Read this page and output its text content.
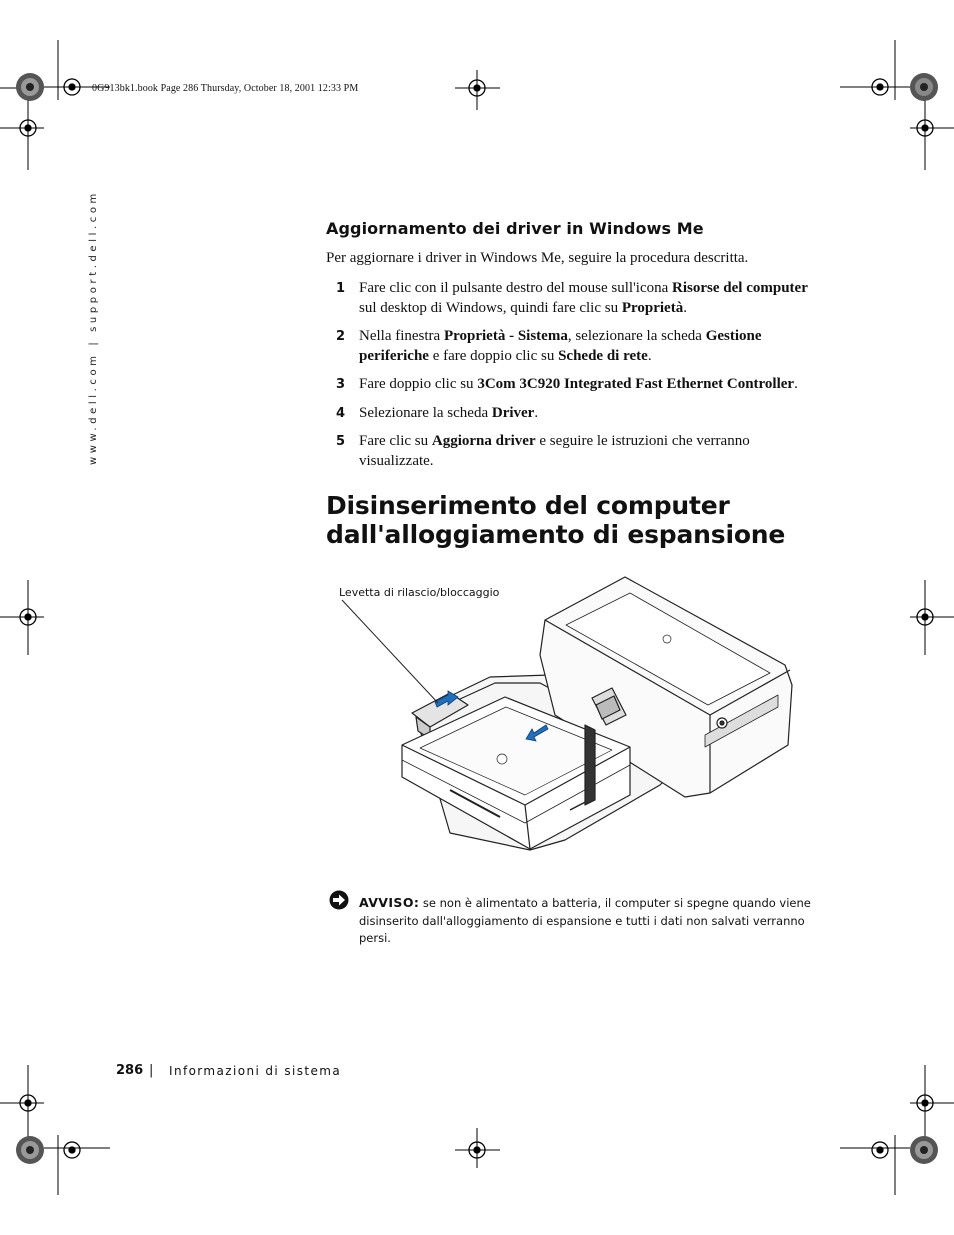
0G913bk1.book Page 286 Thursday, October 18, 2001 12:33 PM
www.dell.com | support.dell.com	Aggiornamento dei driver in Windows Me
Per aggiornare i driver in Windows Me, seguire la procedura descritta.
1 Fare clic con il pulsante destro del mouse sull'icona Risorse del computer sul desktop di Windows, quindi fare clic su Proprietà.
2 Nella finestra Proprietà - Sistema, selezionare la scheda Gestione periferiche e fare doppio clic su Schede di rete.
3 Fare doppio clic su 3Com 3C920 Integrated Fast Ethernet Controller.
4 Selezionare la scheda Driver.
5 Fare clic su Aggiorna driver e seguire le istruzioni che verranno visualizzate.
Disinserimento del computer
dall'alloggiamento di espansione
Levetta di rilascio/bloccaggio
AVVISO: se non è alimentato a batteria, il computer si spegne quando viene disinserito dall'alloggiamento di espansione e tutti i dati non salvati verranno persi.
286 | Informazioni di sistema
